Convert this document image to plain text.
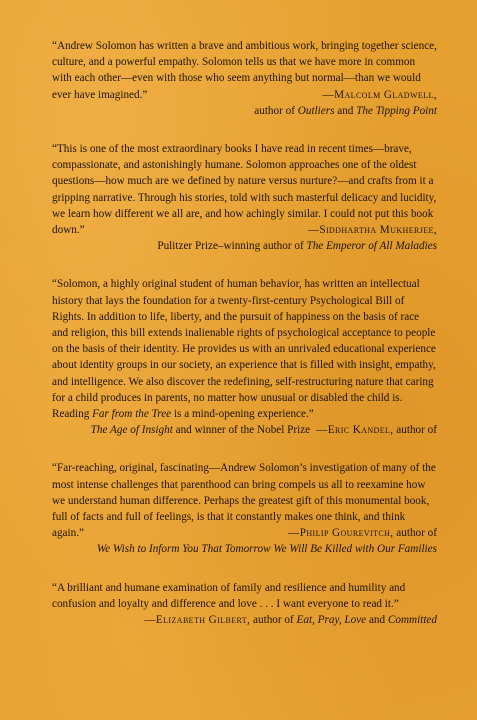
“Andrew Solomon has written a brave and ambitious work, bringing together science, culture, and a powerful empathy. Solomon tells us that we have more in common with each other—even with those who seem anything but normal—than we would ever have imagined.”	—Malcolm Gladwell,

author of Outliers and The Tipping Point

“This is one of the most extraordinary books I have read in recent times—brave, compassionate, and astonishingly humane. Solomon approaches one of the oldest questions—how much are we defined by nature versus nurture?—and crafts from it a gripping narrative. Through his stories, told with such masterful delicacy and lucidity, we learn how different we all are, and how achingly similar. I could not put this book down.”	—Siddhartha Mukherjee,

Pulitzer Prize–winning author of The Emperor of All Maladies

“Solomon, a highly original student of human behavior, has written an intellectual history that lays the foundation for a twenty-first-century Psychological Bill of Rights. In addition to life, liberty, and the pursuit of happiness on the basis of race and religion, this bill extends inalienable rights of psychological acceptance to people on the basis of their identity. He provides us with an unrivaled educational experience about identity groups in our society, an experience that is filled with insight, empathy, and intelligence. We also discover the redefining, self-restructuring nature that caring for a child produces in parents, no matter how unusual or disabled the child is. Reading Far from the Tree is a mind-opening experience.”
—Eric Kandel, author of

The Age of Insight and winner of the Nobel Prize

“Far-reaching, original, fascinating—Andrew Solomon’s investigation of many of the most intense challenges that parenthood can bring compels us all to reexamine how we understand human difference. Perhaps the greatest gift of this monumental book, full of facts and full of feelings, is that it constantly makes one think, and think again.”	—Philip Gourevitch, author of

We Wish to Inform You That Tomorrow We Will Be Killed with Our Families

“A brilliant and humane examination of family and resilience and humility and confusion and loyalty and difference and love . . . I want everyone to read it.”

—Elizabeth Gilbert, author of Eat, Pray, Love and Committed
